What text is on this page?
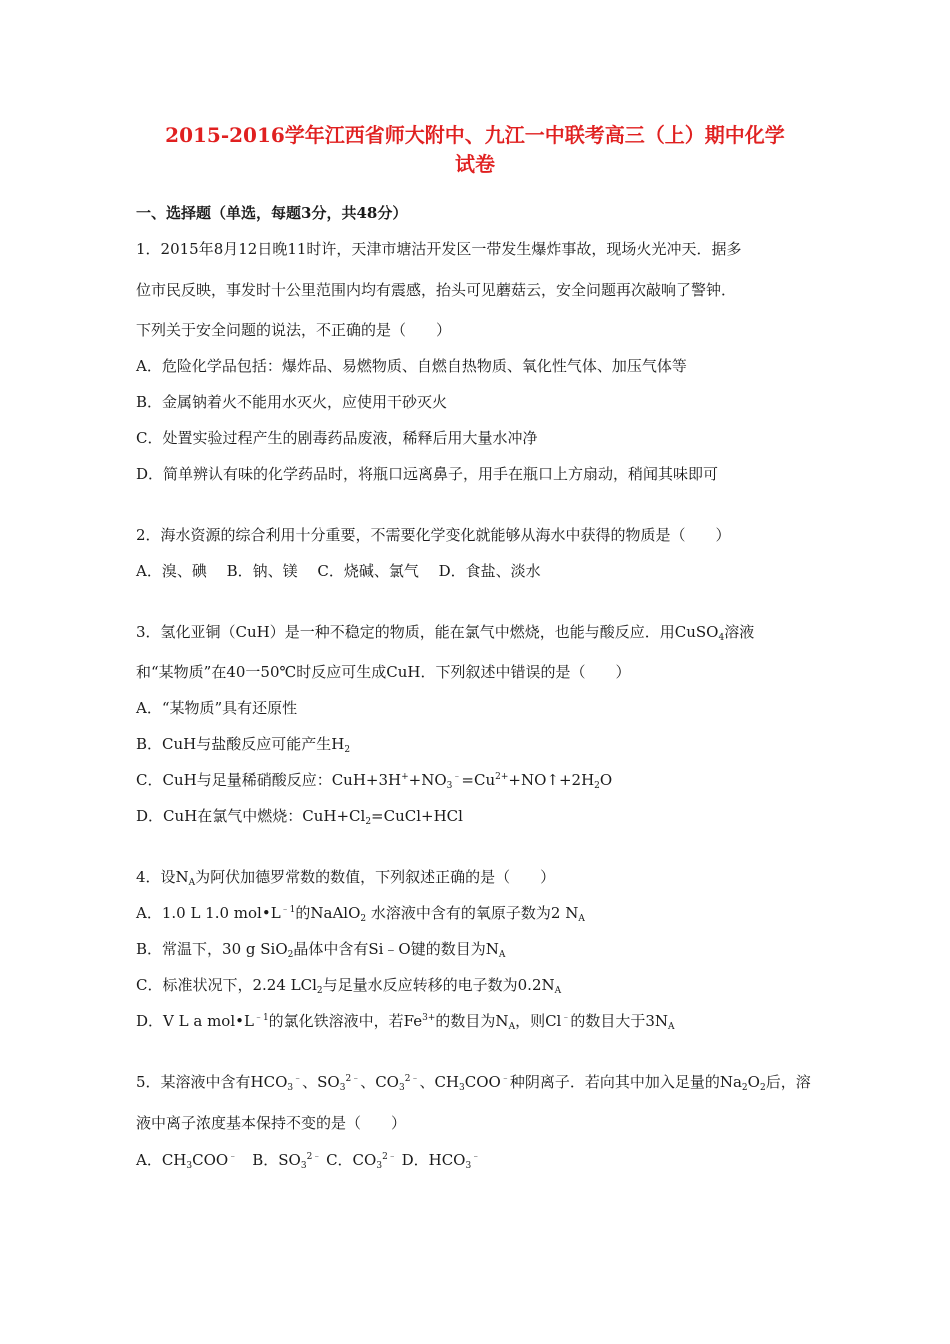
2015-2016学年江西省师大附中、九江一中联考高三（上）期中化学
试卷
一、选择题（单选，每题3分，共48分）
1．2015年8月12日晚11时许，天津市塘沽开发区一带发生爆炸事故，现场火光冲天．据多
位市民反映，事发时十公里范围内均有震感，抬头可见蘑菇云，安全问题再次敲响了警钟．
下列关于安全问题的说法，不正确的是（　　）
A．危险化学品包括：爆炸品、易燃物质、自燃自热物质、氧化性气体、加压气体等
B．金属钠着火不能用水灭火，应使用干砂灭火
C．处置实验过程产生的剧毒药品废液，稀释后用大量水冲净
D．简单辨认有味的化学药品时，将瓶口远离鼻子，用手在瓶口上方扇动，稍闻其味即可
2．海水资源的综合利用十分重要，不需要化学变化就能够从海水中获得的物质是（　　）
A．溴、碘　 B．钠、镁　 C．烧碱、氯气　 D．食盐、淡水
3．氢化亚铜（CuH）是一种不稳定的物质，能在氯气中燃烧，也能与酸反应．用CuSO$_4$溶液
和“某物质”在40一50℃时反应可生成CuH．下列叙述中错误的是（　　）
A．“某物质”具有还原性
B．CuH与盐酸反应可能产生$H_2$
C．CuH与足量稀硝酸反应：$CuH+3H^++NO_3^﹣=Cu^{2+}+NO↑+2H_2O$
D．CuH在氯气中燃烧：$CuH+Cl_2=CuCl+HCl$
4．设$N_A$为阿伏加德罗常数的数值，下列叙述正确的是（　　）
A．1.0 L 1.0 $mol•L^{﹣1}$的NaAlO$_2$ 水溶液中含有的氧原子数为2 $N_A$
B．常温下，30 g SiO$_2$晶体中含有Si﹣O键的数目为$N_A$
C．标准状况下，2.24 LCl$_2$与足量水反应转移的电子数为$0.2N_A$
D．V L a $mol•L^{﹣1}$的氯化铁溶液中，若$Fe^{3+}$的数目为$N_A$，则Cl﹣的数目大于$3N_A$
5．某溶液中含有$HCO_3^﹣$、$SO_3^{2﹣}$、$CO_3^{2﹣}$、$CH_3COO^﹣$种阴离子．若向其中加入足量的$Na_2O_2$后，溶
液中离子浓度基本保持不变的是（　　）
A．$CH_3COO^﹣$　B．$SO_3^{2﹣}$ C．$CO_3^{2﹣}$ D．$HCO_3^﹣$
